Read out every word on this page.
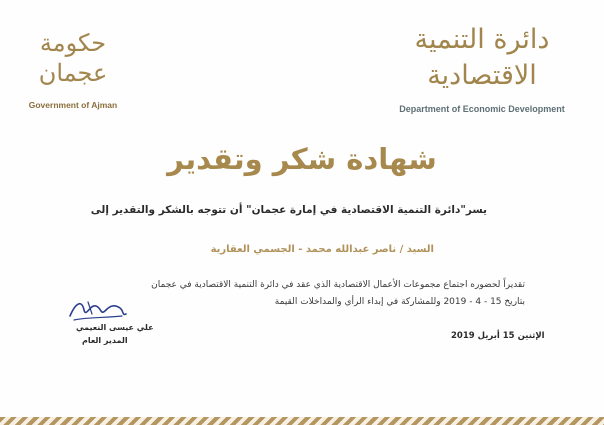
حكومة عجمان
Government of Ajman
دائرة التنمية الاقتصادية
Department of Economic Development
شهادة شكر وتقدير
يسر"دائرة التنمية الاقتصادية في إمارة عجمان" أن تتوجه بالشكر والتقدير إلى
السيد / ناصر عبدالله محمد - الجسمي العقارية
تقديراً لحضوره اجتماع مجموعات الأعمال الاقتصادية الذي عقد في دائرة التنمية الاقتصادية في عجمان
بتاريخ 15 - 4 - 2019 وللمشاركة في إبداء الرأي والمداخلات القيمة
الإثنين 15 أبريل 2019
علي عيسى النعيمي
المدير العام
